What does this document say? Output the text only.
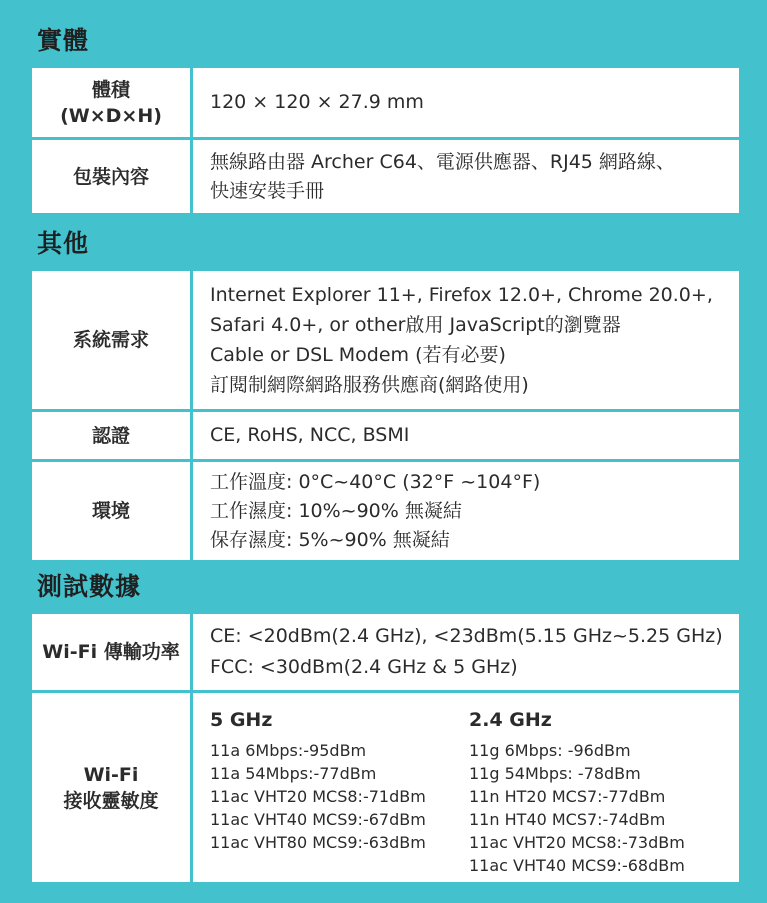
實體
體積
(W×D×H)
120 × 120 × 27.9 mm
包裝內容
無線路由器 Archer C64、電源供應器、RJ45 網路線、
快速安裝手冊
其他
系統需求
Internet Explorer 11+, Firefox 12.0+, Chrome 20.0+,
Safari 4.0+, or other啟用 JavaScript的瀏覽器
Cable or DSL Modem (若有必要)
訂閱制網際網路服務供應商(網路使用)
認證	CE, RoHS, NCC, BSMI
環境
工作溫度: 0°C~40°C (32°F ~104°F)
工作濕度: 10%~90% 無凝結
保存濕度: 5%~90% 無凝結
測試數據
Wi-Fi 傳輸功率
CE: <20dBm(2.4 GHz), <23dBm(5.15 GHz~5.25 GHz)
FCC: <30dBm(2.4 GHz & 5 GHz)
Wi-Fi
接收靈敏度
5 GHz
11a 6Mbps:-95dBm
11a 54Mbps:-77dBm
11ac VHT20 MCS8:-71dBm
11ac VHT40 MCS9:-67dBm
11ac VHT80 MCS9:-63dBm
2.4 GHz
11g 6Mbps: -96dBm
11g 54Mbps: -78dBm
11n HT20 MCS7:-77dBm
11n HT40 MCS7:-74dBm
11ac VHT20 MCS8:-73dBm
11ac VHT40 MCS9:-68dBm
